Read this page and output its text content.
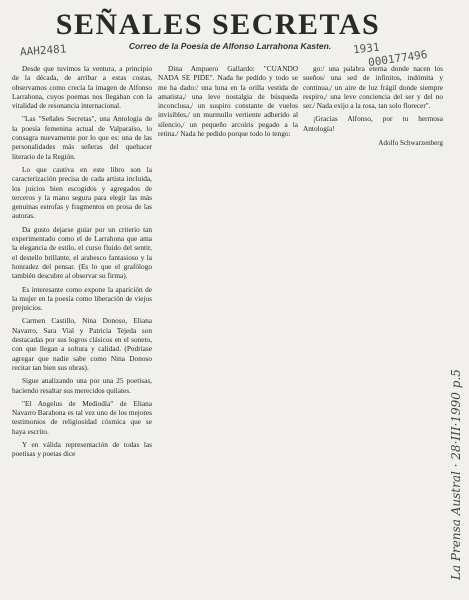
SEÑALES SECRETAS
Correo de la Poesía de Alfonso Larrahona Kasten.
AAH2481	1931
000177496
La Prensa Austral · 28·III·1990 p.5

Desde que tuvimos la ventura, a principio de la década, de arribar a estas costas, observamos como crecía la imagen de Alfonso Larrahona, cuyos poemas nos llegaban con la vitalidad de resonancia internacional.

"Las "Señales Secretas", una Antología de la poesía femenina actual de Valparaíso, lo consagra nuevamente por lo que es: una de las personalidades más señeras del quehacer literario de la Región.

Lo que cautiva en este libro son la caracterización precisa de cada artista incluida, los juicios bien escogidos y agregados de terceros y la mano segura para elegir las más genuinas estrofas y fragmentos en prosa de las autoras.

Da gusto dejarse guiar por un criterio tan experimentado como el de Larrahona que ama la elegancia de estilo, el curso fluido del sentir, el destello brillante, el arabesco fantasioso y la honradez del pensar. (Es lo que el grafólogo también descubre al observar su firma).

Es interesante como expone la aparición de la mujer en la poesía como liberación de viejos prejuicios.

Carmen Castillo, Nina Donoso, Eliana Navarro, Sara Vial y Patricia Tejeda son destacadas por sus logros clásicos en el soneto, con que llegan a soltura y calidad. (Podríase agregar que nadie sabe como Nina Donoso recitar tan bien sus obras).

Sigue analizando una por una 25 poetisas, haciendo resaltar sus merecidos quilates.

"El Angelus de Mediodía" de Eliana Navarro Barahona es tal vez uno de los mejores testimonios de religiosidad cósmica que se haya escrito.

Y en válida representación de todas las poetisas y poetas dice

Dina Ampuero Gallardo: "CUANDO NADA SE PIDE". Nada he pedido y todo se me ha dado:/ una luna en la orilla vestida de amatista,/ una leve nostalgia de búsqueda inconclusa,/ un suspiro constante de vuelos invisibles,/ un murmullo vertiente adherido al silencio,/ un pequeño arcoíris pegado a la retina./ Nada he pedido porque todo lo tengo:

go:/ una palabra eterna donde nacen los sueños/ una sed de infinitos, indómita y continua,/ un aire de luz frágil donde siempre respiro,/ una leve conciencia del ser y del no ser./ Nada exijo a la rosa, tan solo florecer".

¡Gracias Alfonso, por tu hermosa Antología!

Adolfo Schwarzenberg
